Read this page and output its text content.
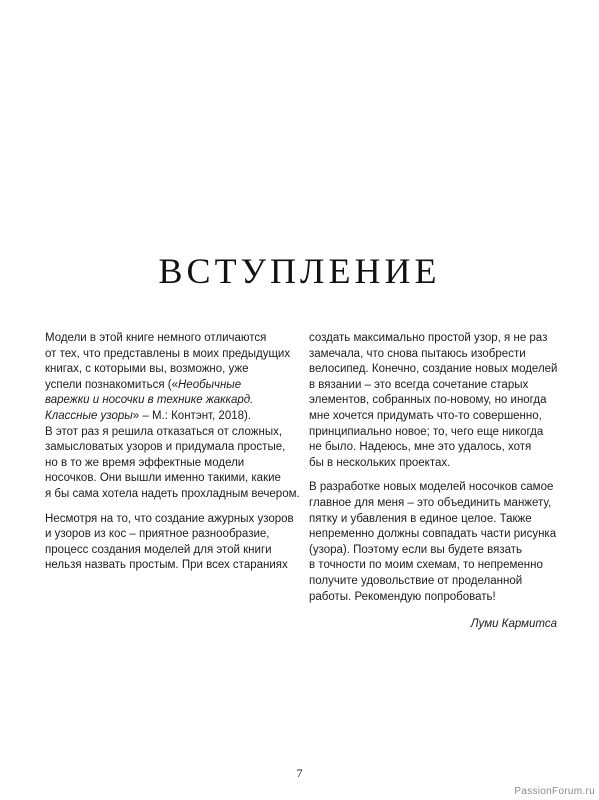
ВСТУПЛЕНИЕ
Модели в этой книге немного отличаются
от тех, что представлены в моих предыдущих
книгах, с которыми вы, возможно, уже
успели познакомиться («Необычные
варежки и носочки в технике жаккард.
Классные узоры» – М.: Контэнт, 2018).
В этот раз я решила отказаться от сложных,
замысловатых узоров и придумала простые,
но в то же время эффектные модели
носочков. Они вышли именно такими, какие
я бы сама хотела надеть прохладным вечером.
Несмотря на то, что создание ажурных узоров
и узоров из кос – приятное разнообразие,
процесс создания моделей для этой книги
нельзя назвать простым. При всех стараниях
создать максимально простой узор, я не раз
замечала, что снова пытаюсь изобрести
велосипед. Конечно, создание новых моделей
в вязании – это всегда сочетание старых
элементов, собранных по-новому, но иногда
мне хочется придумать что-то совершенно,
принципиально новое; то, чего еще никогда
не было. Надеюсь, мне это удалось, хотя
бы в нескольких проектах.
В разработке новых моделей носочков самое
главное для меня – это объединить манжету,
пятку и убавления в единое целое. Также
непременно должны совпадать части рисунка
(узора). Поэтому если вы будете вязать
в точности по моим схемам, то непременно
получите удовольствие от проделанной
работы. Рекомендую попробовать!
Луми Кармитса
7
PassionForum.ru
